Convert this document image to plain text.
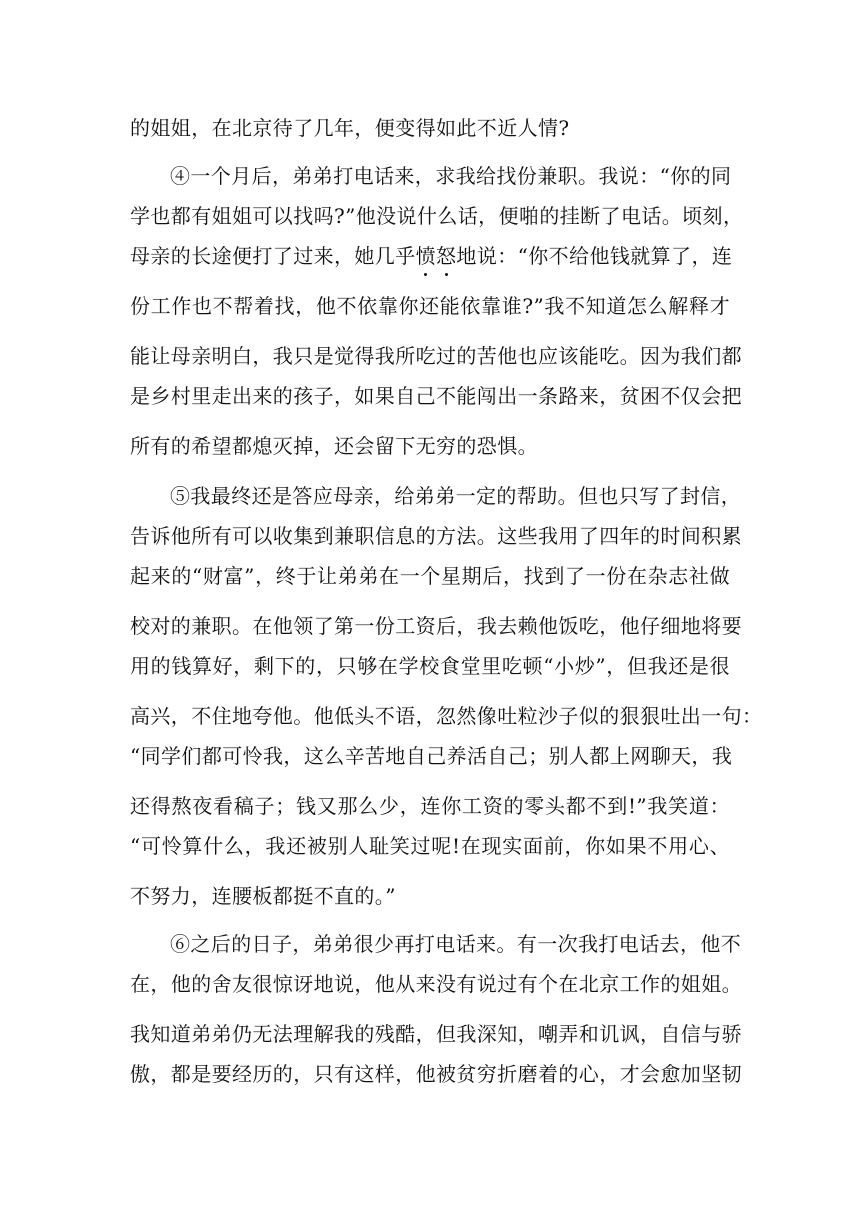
的姐姐，在北京待了几年，便变得如此不近人情?
④一个月后，弟弟打电话来，求我给找份兼职。我说：“你的同
学也都有姐姐可以找吗?”他没说什么话，便啪的挂断了电话。顷刻，
母亲的长途便打了过来，她几乎愤怒
地说：“你不给他钱就算了，连
份工作也不帮着找，他不依靠你还能依靠谁?”我不知道怎么解释才
能让母亲明白，我只是觉得我所吃过的苦他也应该能吃。因为我们都
是乡村里走出来的孩子，如果自己不能闯出一条路来，贫困不仅会把
所有的希望都熄灭掉，还会留下无穷的恐惧。
⑤我最终还是答应母亲，给弟弟一定的帮助。但也只写了封信，
告诉他所有可以收集到兼职信息的方法。这些我用了四年的时间积累
起来的“财富”，终于让弟弟在一个星期后，找到了一份在杂志社做
校对的兼职。在他领了第一份工资后，我去赖他饭吃，他仔细地将要
用的钱算好，剩下的，只够在学校食堂里吃顿“小炒”，但我还是很
高兴，不住地夸他。他低头不语，忽然像吐粒沙子似的狠狠吐出一句：
“同学们都可怜我，这么辛苦地自己养活自己；别人都上网聊天，我
还得熬夜看稿子；钱又那么少，连你工资的零头都不到!”我笑道：
“可怜算什么，我还被别人耻笑过呢!在现实面前，你如果不用心、
不努力，连腰板都挺不直的。”
⑥之后的日子，弟弟很少再打电话来。有一次我打电话去，他不
在，他的舍友很惊讶地说，他从来没有说过有个在北京工作的姐姐。
我知道弟弟仍无法理解我的残酷，但我深知，嘲弄和讥讽，自信与骄
傲，都是要经历的，只有这样，他被贫穷折磨着的心，才会愈加坚韧
